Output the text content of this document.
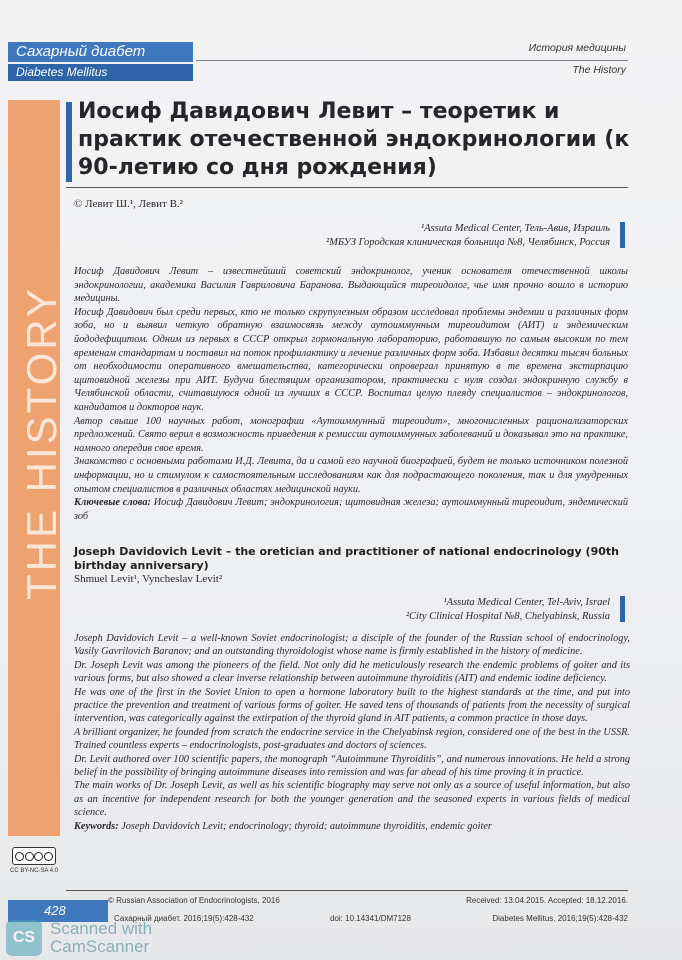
Сахарный диабет
Diabetes Mellitus
История медицины
The History
THE HISTORY
CC BY-NC-SA 4.0
Иосиф Давидович Левит – теоретик и практик отечественной эндокринологии (к 90-летию со дня рождения)
© Левит Ш.¹, Левит В.²
¹Assuta Medical Center, Тель-Авив, Израиль
²МБУЗ Городская клиническая больница №8, Челябинск, Россия

Иосиф Давидович Левит – известнейший советский эндокринолог, ученик основателя отечественной школы эндокринологии, академика Василия Гавриловича Баранова. Выдающийся тиреоидолог, чье имя прочно вошло в историю медицины.

Иосиф Давидович был среди первых, кто не только скрупулезным образом исследовал проблемы эндемии и различных форм зоба, но и выявил четкую обратную взаимосвязь между аутоиммунным тиреоидитом (АИТ) и эндемическим йододефицитом. Одним из первых в СССР открыл гормональную лабораторию, работавшую по самым высоким по тем временам стандартам и поставил на поток профилактику и лечение различных форм зоба. Избавил десятки тысяч больных от необходимости оперативного вмешательства, категорически опровергал принятую в те времена экстирпацию щитовидной железы при АИТ. Будучи блестящим организатором, практически с нуля создал эндокринную службу в Челябинской области, считавшуюся одной из лучших в СССР. Воспитал целую плеяду специалистов – эндокринологов, кандидатов и докторов наук.

Автор свыше 100 научных работ, монографии «Аутоиммунный тиреоидит», многочисленных рационализаторских предложений. Свято верил в возможность приведения к ремиссии аутоиммунных заболеваний и доказывал это на практике, намного опередив свое время.

Знакомство с основными работами И.Д. Левита, да и самой его научной биографией, будет не только источником полезной информации, но и стимулом к самостоятельным исследованиям как для подрастающего поколения, так и для умудренных опытом специалистов в различных областях медицинской науки.

Ключевые слова: Иосиф Давидович Левит; эндокринология; щитовидная железа; аутоиммунный тиреоидит, эндемический зоб

Joseph Davidovich Levit – the oretician and practitioner of national endocrinology (90th birthday anniversary)
Shmuel Levit¹, Vyncheslav Levit²
¹Assuta Medical Center, Tel-Aviv, Israel
²City Clinical Hospital №8, Chelyabinsk, Russia

Joseph Davidovich Levit – a well-known Soviet endocrinologist; a disciple of the founder of the Russian school of endocrinology, Vasily Gavrilovich Baranov; and an outstanding thyroidologist whose name is firmly established in the history of medicine.

Dr. Joseph Levit was among the pioneers of the field. Not only did he meticulously research the endemic problems of goiter and its various forms, but also showed a clear inverse relationship between autoimmune thyroiditis (AIT) and endemic iodine deficiency.

He was one of the first in the Soviet Union to open a hormone laboratory built to the highest standards at the time, and put into practice the prevention and treatment of various forms of goiter. He saved tens of thousands of patients from the necessity of surgical intervention, was categorically against the extirpation of the thyroid gland in AIT patients, a common practice in those days.

A brilliant organizer, he founded from scratch the endocrine service in the Chelyabinsk region, considered one of the best in the USSR. Trained countless experts – endocrinologists, post-graduates and doctors of sciences.

Dr. Levit authored over 100 scientific papers, the monograph “Autoimmune Thyroiditis”, and numerous innovations. He held a strong belief in the possibility of bringing autoimmune diseases into remission and was far ahead of his time proving it in practice.

The main works of Dr. Joseph Levit, as well as his scientific biography may serve not only as a source of useful information, but also as an incentive for independent research for both the younger generation and the seasoned experts in various fields of medical science.

Keywords: Joseph Davidovich Levit; endocrinology; thyroid; autoimmune thyroiditis, endemic goiter

© Russian Association of Endocrinologists, 2016	Received: 13.04.2015. Accepted: 18.12.2016.
428
Сахарный диабет. 2016;19(5):428-432	doi: 10.14341/DM7128	Diabetes Mellitus. 2016;19(5):428-432
CS Scanned with
CamScanner
